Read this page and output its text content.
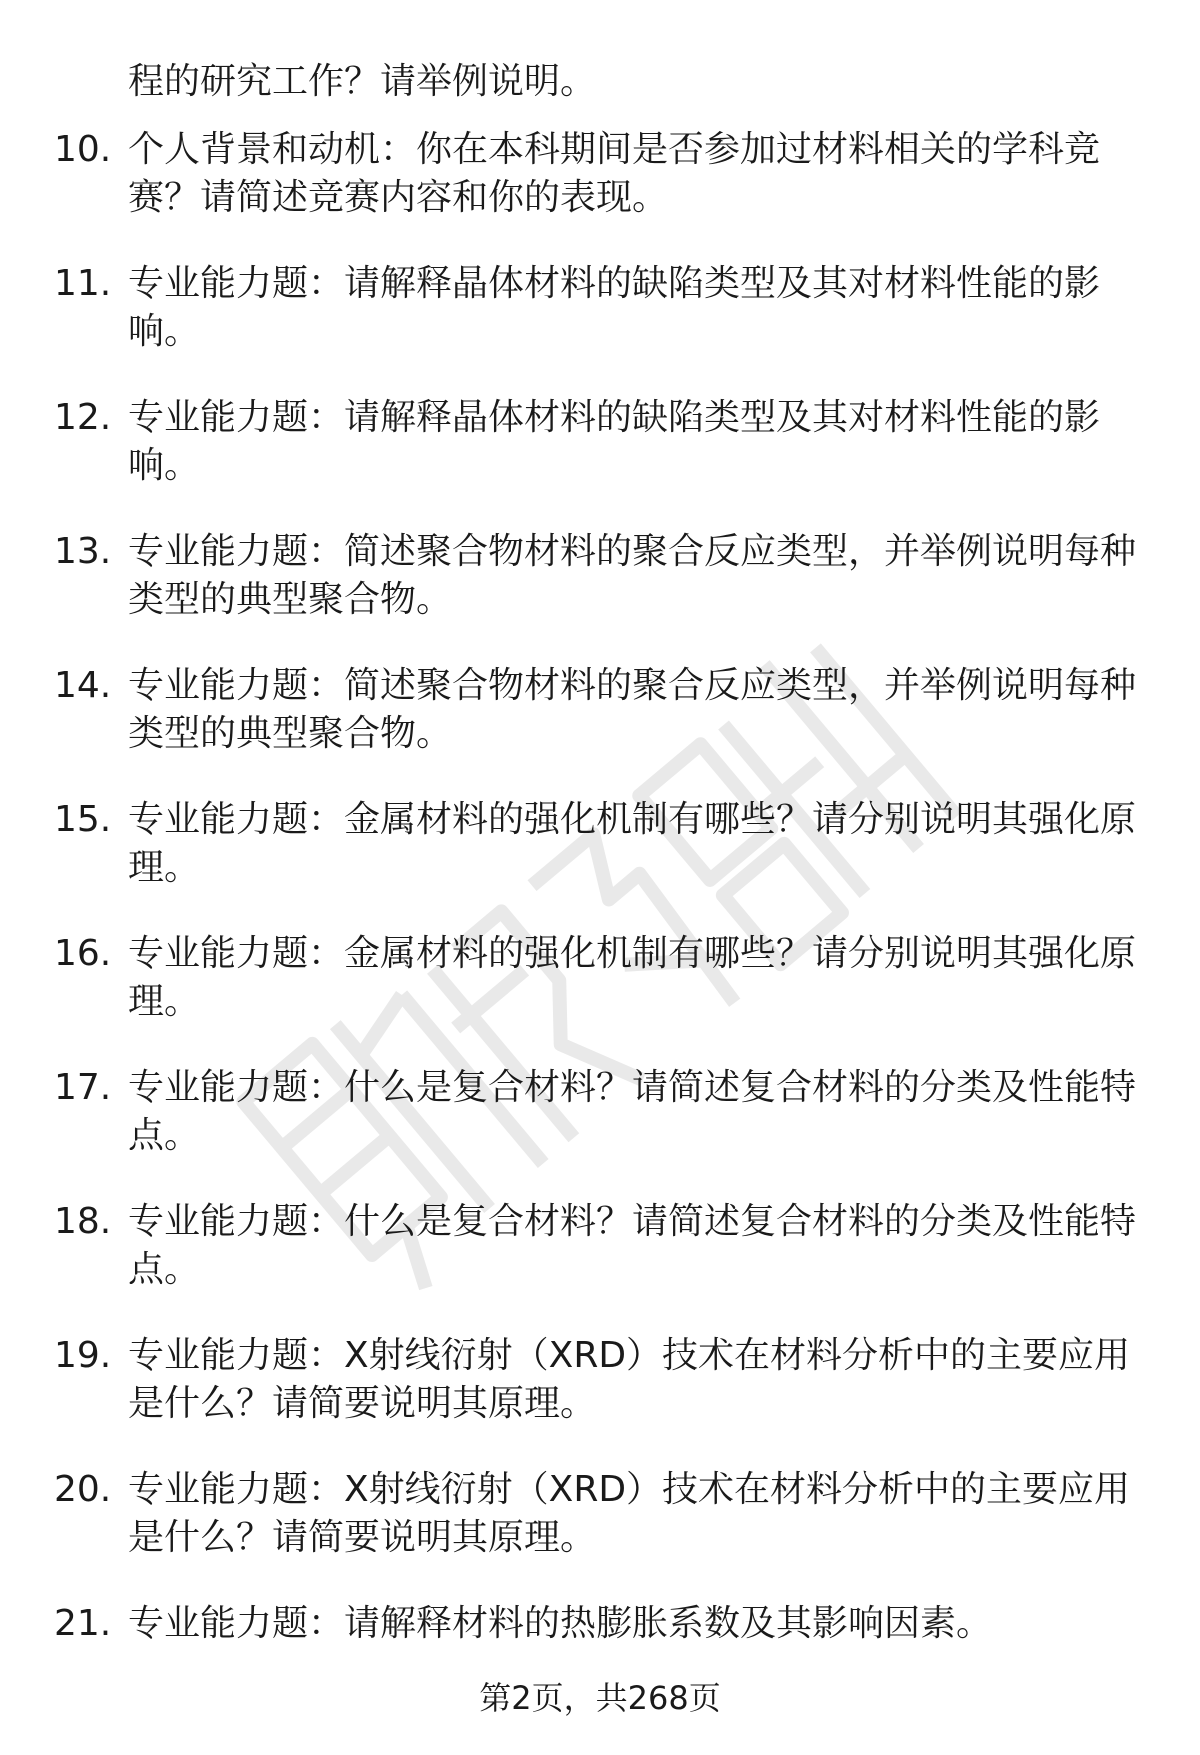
程的研究工作？请举例说明。
10. 个人背景和动机：你在本科期间是否参加过材料相关的学科竞赛？请简述竞赛内容和你的表现。
11. 专业能力题：请解释晶体材料的缺陷类型及其对材料性能的影响。
12. 专业能力题：请解释晶体材料的缺陷类型及其对材料性能的影响。
13. 专业能力题：简述聚合物材料的聚合反应类型，并举例说明每种类型的典型聚合物。
14. 专业能力题：简述聚合物材料的聚合反应类型，并举例说明每种类型的典型聚合物。
15. 专业能力题：金属材料的强化机制有哪些？请分别说明其强化原理。
16. 专业能力题：金属材料的强化机制有哪些？请分别说明其强化原理。
17. 专业能力题：什么是复合材料？请简述复合材料的分类及性能特点。
18. 专业能力题：什么是复合材料？请简述复合材料的分类及性能特点。
19. 专业能力题：X射线衍射（XRD）技术在材料分析中的主要应用是什么？请简要说明其原理。
20. 专业能力题：X射线衍射（XRD）技术在材料分析中的主要应用是什么？请简要说明其原理。
21. 专业能力题：请解释材料的热膨胀系数及其影响因素。
第2页，共268页
